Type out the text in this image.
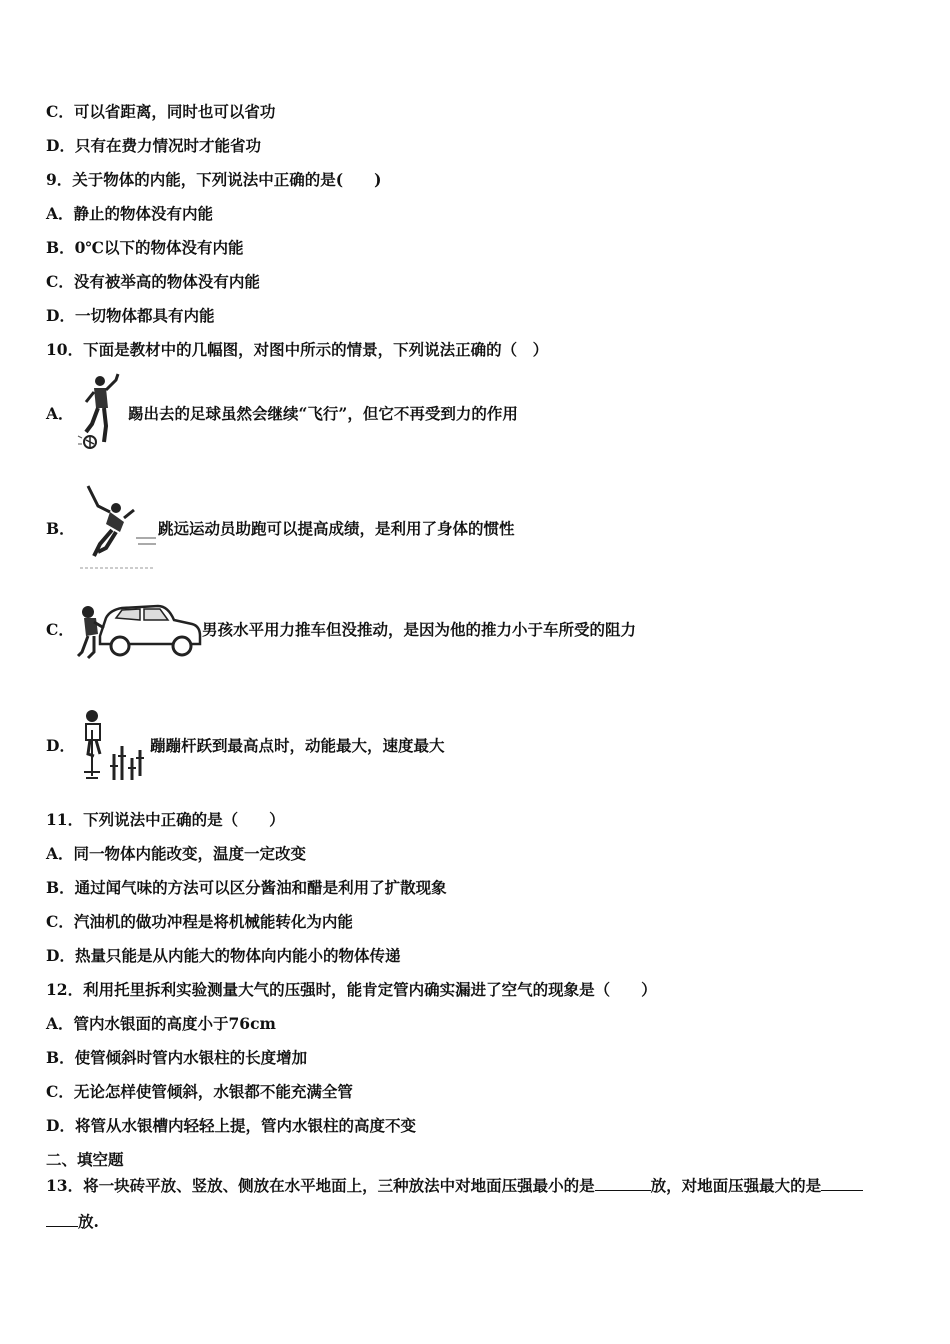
C．可以省距离，同时也可以省功
D．只有在费力情况时才能省功
9．关于物体的内能，下列说法中正确的是(　　)
A．静止的物体没有内能
B．0℃以下的物体没有内能
C．没有被举高的物体没有内能
D．一切物体都具有内能
10．下面是教材中的几幅图，对图中所示的情景，下列说法正确的（　）
A．	踢出去的足球虽然会继续“飞行”，但它不再受到力的作用
B．	跳远运动员助跑可以提高成绩，是利用了身体的惯性
C．	男孩水平用力推车但没推动，是因为他的推力小于车所受的阻力
D．	蹦蹦杆跃到最高点时，动能最大，速度最大
11．下列说法中正确的是（　　）
A．同一物体内能改变，温度一定改变
B．通过闻气味的方法可以区分酱油和醋是利用了扩散现象
C．汽油机的做功冲程是将机械能转化为内能
D．热量只能是从内能大的物体向内能小的物体传递
12．利用托里拆利实验测量大气的压强时，能肯定管内确实漏进了空气的现象是（　　）
A．管内水银面的高度小于76cm
B．使管倾斜时管内水银柱的长度增加
C．无论怎样使管倾斜，水银都不能充满全管
D．将管从水银槽内轻轻上提，管内水银柱的高度不变
二、填空题
13．将一块砖平放、竖放、侧放在水平地面上，三种放法中对地面压强最小的是	放，对地面压强最大的是
放.
